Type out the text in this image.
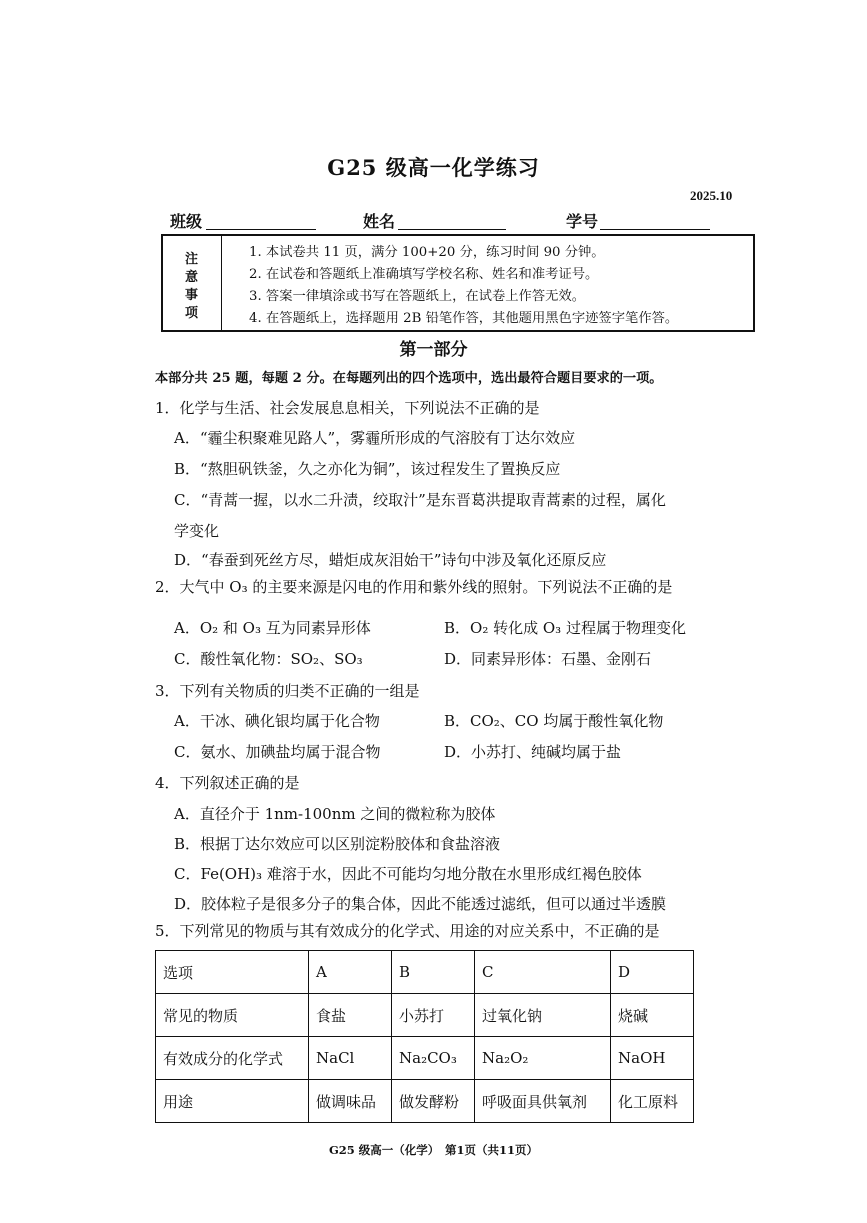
G25 级高一化学练习
2025.10
班级	姓名	学号
注
意
事
项
1. 本试卷共 11 页，满分 100+20 分，练习时间 90 分钟。
2. 在试卷和答题纸上准确填写学校名称、姓名和准考证号。
3. 答案一律填涂或书写在答题纸上，在试卷上作答无效。
4. 在答题纸上，选择题用 2B 铅笔作答，其他题用黑色字迹签字笔作答。
第一部分
本部分共 25 题，每题 2 分。在每题列出的四个选项中，选出最符合题目要求的一项。
1．化学与生活、社会发展息息相关，下列说法不正确的是
A．“霾尘积聚难见路人”，雾霾所形成的气溶胶有丁达尔效应
B．“熬胆矾铁釜，久之亦化为铜”，该过程发生了置换反应
C．“青蒿一握，以水二升渍，绞取汁”是东晋葛洪提取青蒿素的过程，属化
学变化
D．“春蚕到死丝方尽，蜡炬成灰泪始干”诗句中涉及氧化还原反应
2．大气中 O₃ 的主要来源是闪电的作用和紫外线的照射。下列说法不正确的是
A．O₂ 和 O₃ 互为同素异形体	B．O₂ 转化成 O₃ 过程属于物理变化
C．酸性氧化物：SO₂、SO₃	D．同素异形体：石墨、金刚石
3．下列有关物质的归类不正确的一组是
A．干冰、碘化银均属于化合物	B．CO₂、CO 均属于酸性氧化物
C．氨水、加碘盐均属于混合物	D．小苏打、纯碱均属于盐
4．下列叙述正确的是
A．直径介于 1nm-100nm 之间的微粒称为胶体
B．根据丁达尔效应可以区别淀粉胶体和食盐溶液
C．Fe(OH)₃ 难溶于水，因此不可能均匀地分散在水里形成红褐色胶体
D．胶体粒子是很多分子的集合体，因此不能透过滤纸，但可以通过半透膜
5．下列常见的物质与其有效成分的化学式、用途的对应关系中，不正确的是
选项	A	B	C	D
常见的物质	食盐	小苏打	过氧化钠	烧碱
有效成分的化学式	NaCl	Na₂CO₃	Na₂O₂	NaOH
用途	做调味品	做发酵粉	呼吸面具供氧剂	化工原料
G25 级高一（化学）　第1页（共11页）
